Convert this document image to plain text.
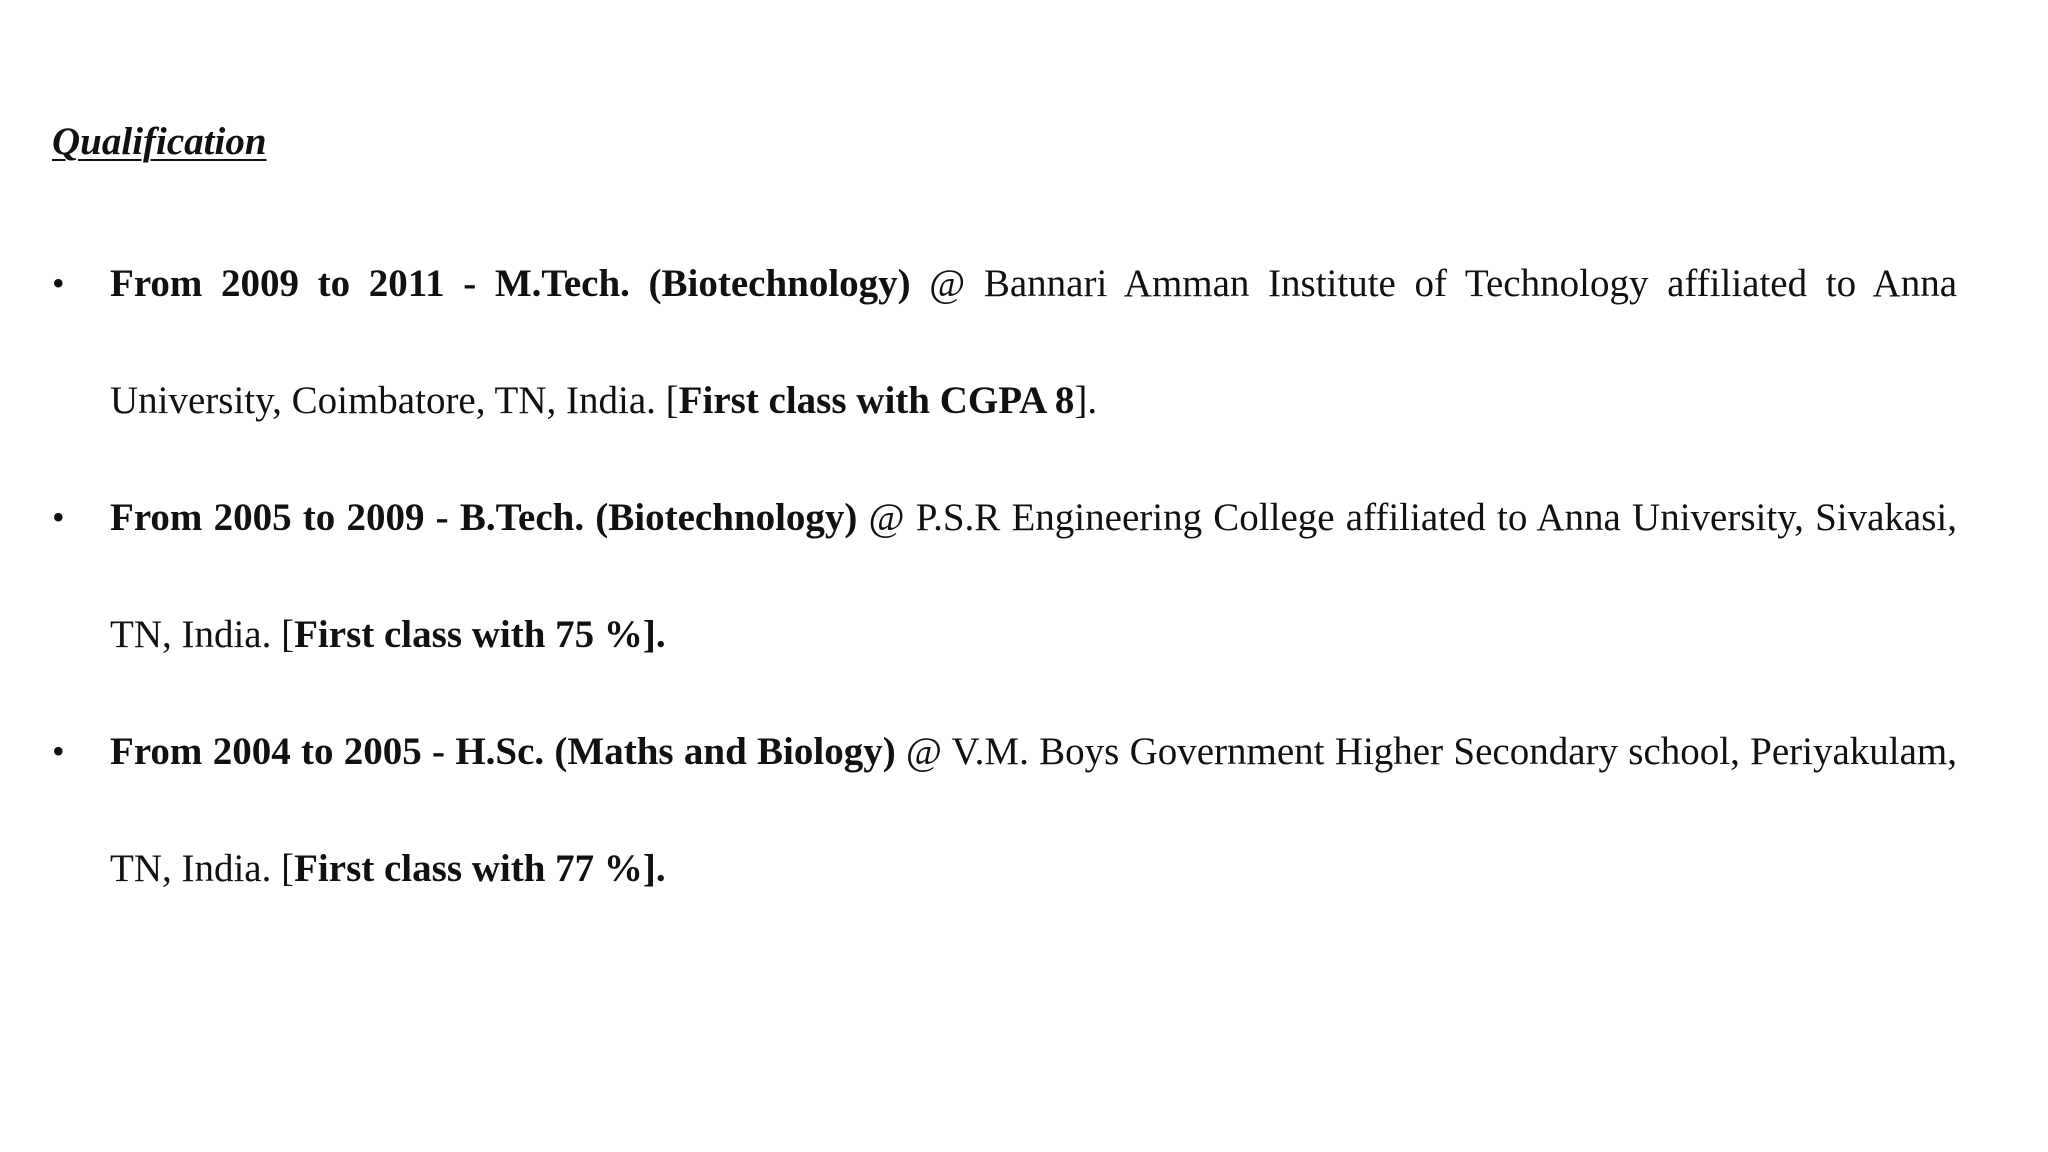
Qualification
• From 2009 to 2011 - M.Tech. (Biotechnology) @ Bannari Amman Institute of Technology affiliated to Anna University, Coimbatore, TN, India. [First class with CGPA 8].
• From 2005 to 2009 - B.Tech. (Biotechnology) @ P.S.R Engineering College affiliated to Anna University, Sivakasi, TN, India. [First class with 75 %].
• From 2004 to 2005 - H.Sc. (Maths and Biology) @ V.M. Boys Government Higher Secondary school, Periyakulam, TN, India. [First class with 77 %].
